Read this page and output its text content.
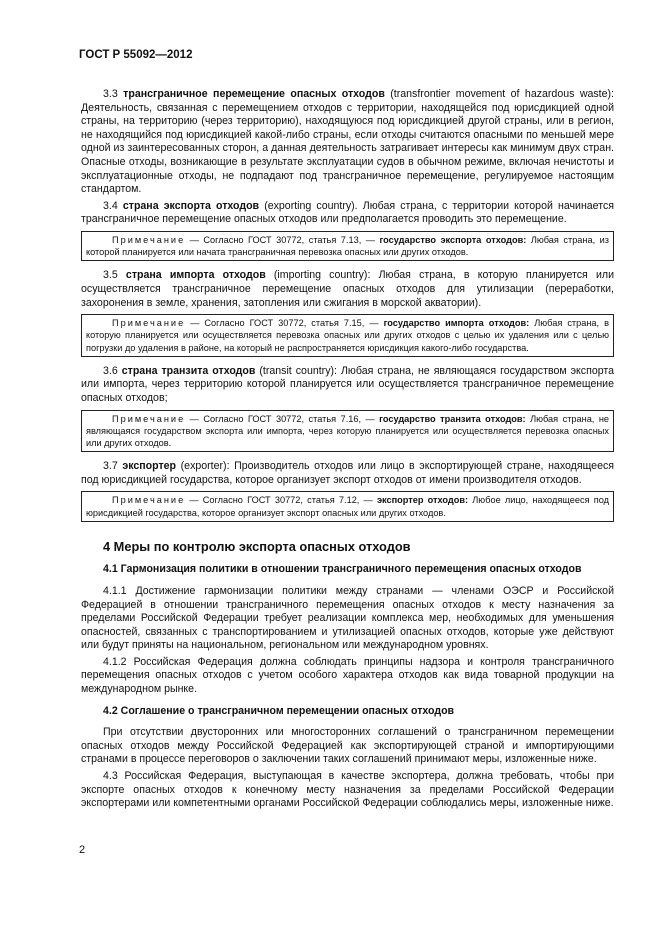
ГОСТ Р 55092—2012

3.3 трансграничное перемещение опасных отходов (transfrontier movement of hazardous waste): Деятельность, связанная с перемещением отходов с территории, находящейся под юрисдикцией одной страны, на территорию (через территорию), находящуюся под юрисдикцией другой страны, или в регион, не находящийся под юрисдикцией какой-либо страны, если отходы считаются опасными по меньшей мере одной из заинтересованных сторон, а данная деятельность затрагивает интересы как минимум двух стран. Опасные отходы, возникающие в результате эксплуатации судов в обычном режиме, включая нечистоты и эксплуатационные отходы, не подпадают под трансграничное перемещение, регулируемое настоящим стандартом.

3.4 страна экспорта отходов (exporting country). Любая страна, с территории которой начинается трансграничное перемещение опасных отходов или предполагается проводить это перемещение.

Примечание — Согласно ГОСТ 30772, статья 7.13, — государство экспорта отходов: Любая страна, из которой планируется или начата трансграничная перевозка опасных или других отходов.

3.5 страна импорта отходов (importing country): Любая страна, в которую планируется или осуществляется трансграничное перемещение опасных отходов для утилизации (переработки, захоронения в земле, хранения, затопления или сжигания в морской акватории).

Примечание — Согласно ГОСТ 30772, статья 7.15, — государство импорта отходов: Любая страна, в которую планируется или осуществляется перевозка опасных или других отходов с целью их удаления или с целью погрузки до удаления в районе, на который не распространяется юрисдикция какого-либо государства.

3.6 страна транзита отходов (transit country): Любая страна, не являющаяся государством экспорта или импорта, через территорию которой планируется или осуществляется трансграничное перемещение опасных отходов;

Примечание — Согласно ГОСТ 30772, статья 7.16, — государство транзита отходов: Любая страна, не являющаяся государством экспорта или импорта, через которую планируется или осуществляется перевозка опасных или других отходов.

3.7 экспортер (exporter): Производитель отходов или лицо в экспортирующей стране, находящееся под юрисдикцией государства, которое организует экспорт отходов от имени производителя отходов.

Примечание — Согласно ГОСТ 30772, статья 7.12, — экспортер отходов: Любое лицо, находящееся под юрисдикцией государства, которое организует экспорт опасных или других отходов.
4 Меры по контролю экспорта опасных отходов
4.1 Гармонизация политики в отношении трансграничного перемещения опасных отходов

4.1.1 Достижение гармонизации политики между странами — членами ОЭСР и Российской Федерацией в отношении трансграничного перемещения опасных отходов к месту назначения за пределами Российской Федерации требует реализации комплекса мер, необходимых для уменьшения опасностей, связанных с транспортированием и утилизацией опасных отходов, которые уже действуют или будут приняты на национальном, региональном или международном уровнях.

4.1.2 Российская Федерация должна соблюдать принципы надзора и контроля трансграничного перемещения опасных отходов с учетом особого характера отходов как вида товарной продукции на международном рынке.

4.2 Соглашение о трансграничном перемещении опасных отходов

При отсутствии двусторонних или многосторонних соглашений о трансграничном перемещении опасных отходов между Российской Федерацией как экспортирующей страной и импортирующими странами в процессе переговоров о заключении таких соглашений принимают меры, изложенные ниже.

4.3 Российская Федерация, выступающая в качестве экспортера, должна требовать, чтобы при экспорте опасных отходов к конечному месту назначения за пределами Российской Федерации экспортерами или компетентными органами Российской Федерации соблюдались меры, изложенные ниже.

2
